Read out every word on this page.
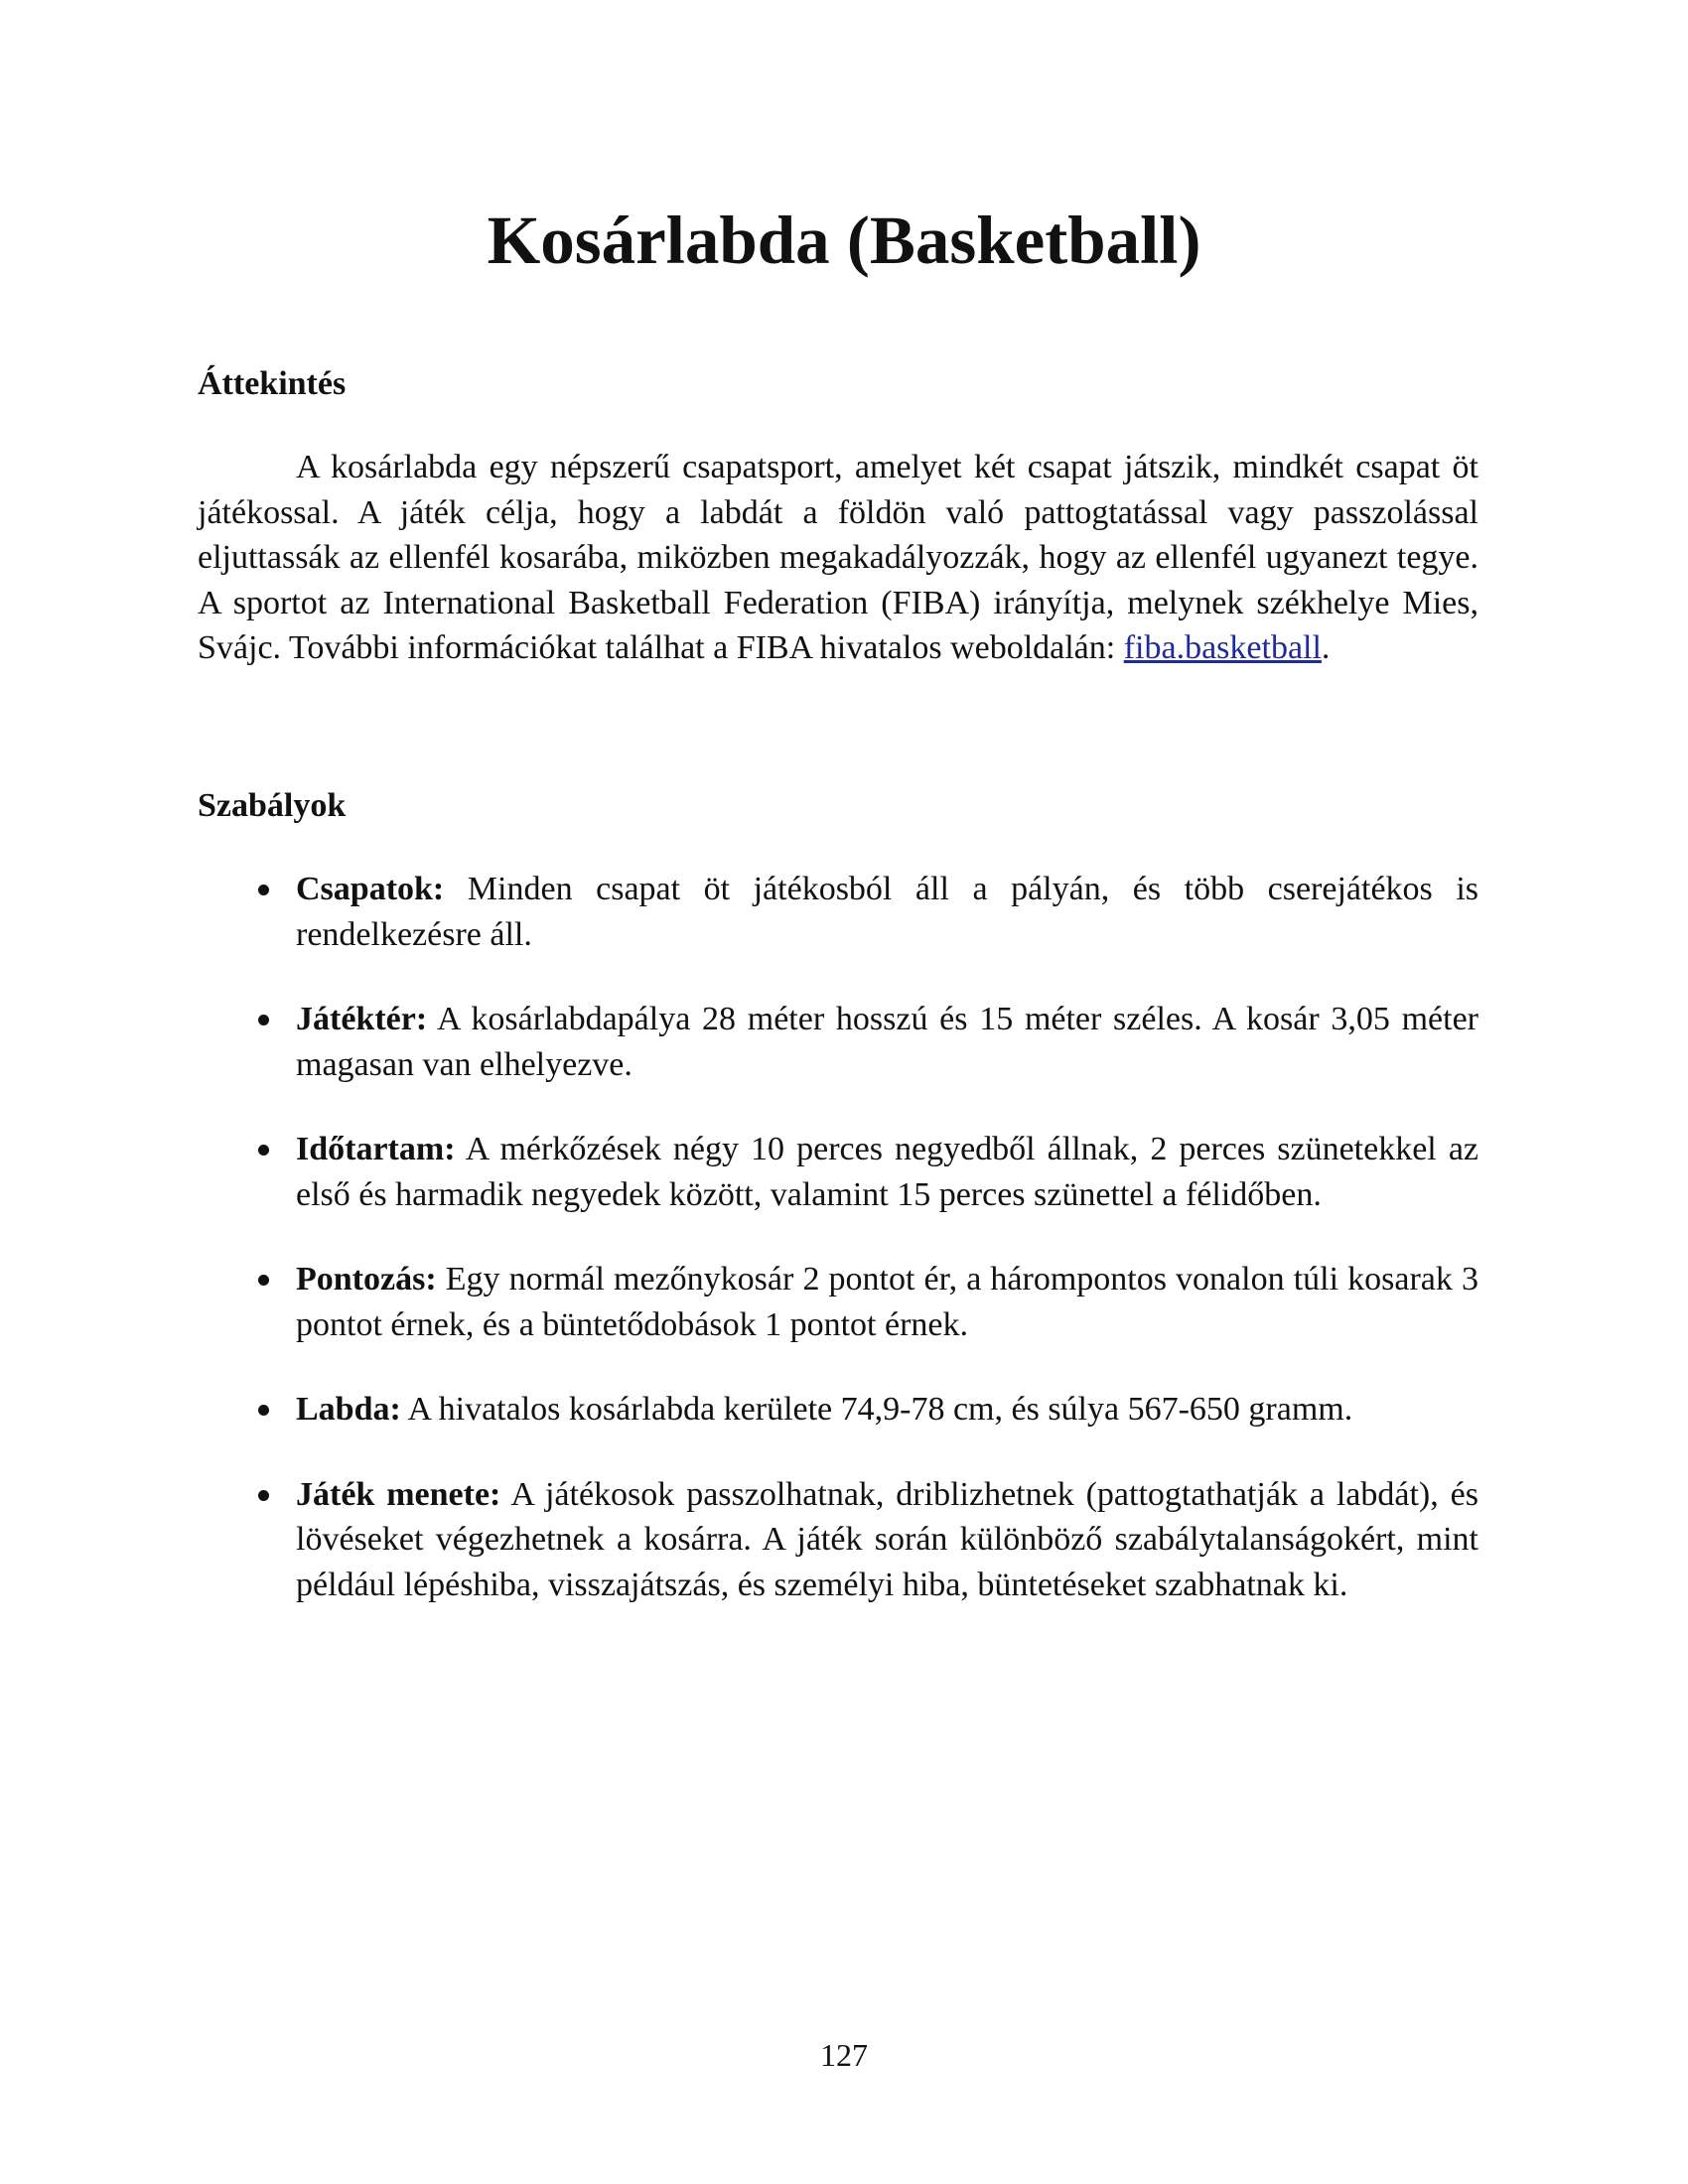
Kosárlabda (Basketball)
Áttekintés

A kosárlabda egy népszerű csapatsport, amelyet két csapat játszik, mindkét csapat öt játékossal. A játék célja, hogy a labdát a földön való pattogtatással vagy passzolással eljuttassák az ellenfél kosarába, miközben megakadályozzák, hogy az ellenfél ugyanezt tegye. A sportot az International Basketball Federation (FIBA) irányítja, melynek székhelye Mies, Svájc. További információkat találhat a FIBA hivatalos weboldalán: fiba.basketball.

Szabályok
Csapatok: Minden csapat öt játékosból áll a pályán, és több cserejátékos is rendelkezésre áll.
Játéktér: A kosárlabdapálya 28 méter hosszú és 15 méter széles. A kosár 3,05 méter magasan van elhelyezve.
Időtartam: A mérkőzések négy 10 perces negyedből állnak, 2 perces szünetekkel az első és harmadik negyedek között, valamint 15 perces szünettel a félidőben.
Pontozás: Egy normál mezőnykosár 2 pontot ér, a hárompontos vonalon túli kosarak 3 pontot érnek, és a büntetődobások 1 pontot érnek.
Labda: A hivatalos kosárlabda kerülete 74,9-78 cm, és súlya 567-650 gramm.
Játék menete: A játékosok passzolhatnak, driblizhetnek (pattogtathatják a labdát), és lövéseket végezhetnek a kosárra. A játék során különböző szabálytalanságokért, mint például lépéshiba, visszajátszás, és személyi hiba, büntetéseket szabhatnak ki.
127
